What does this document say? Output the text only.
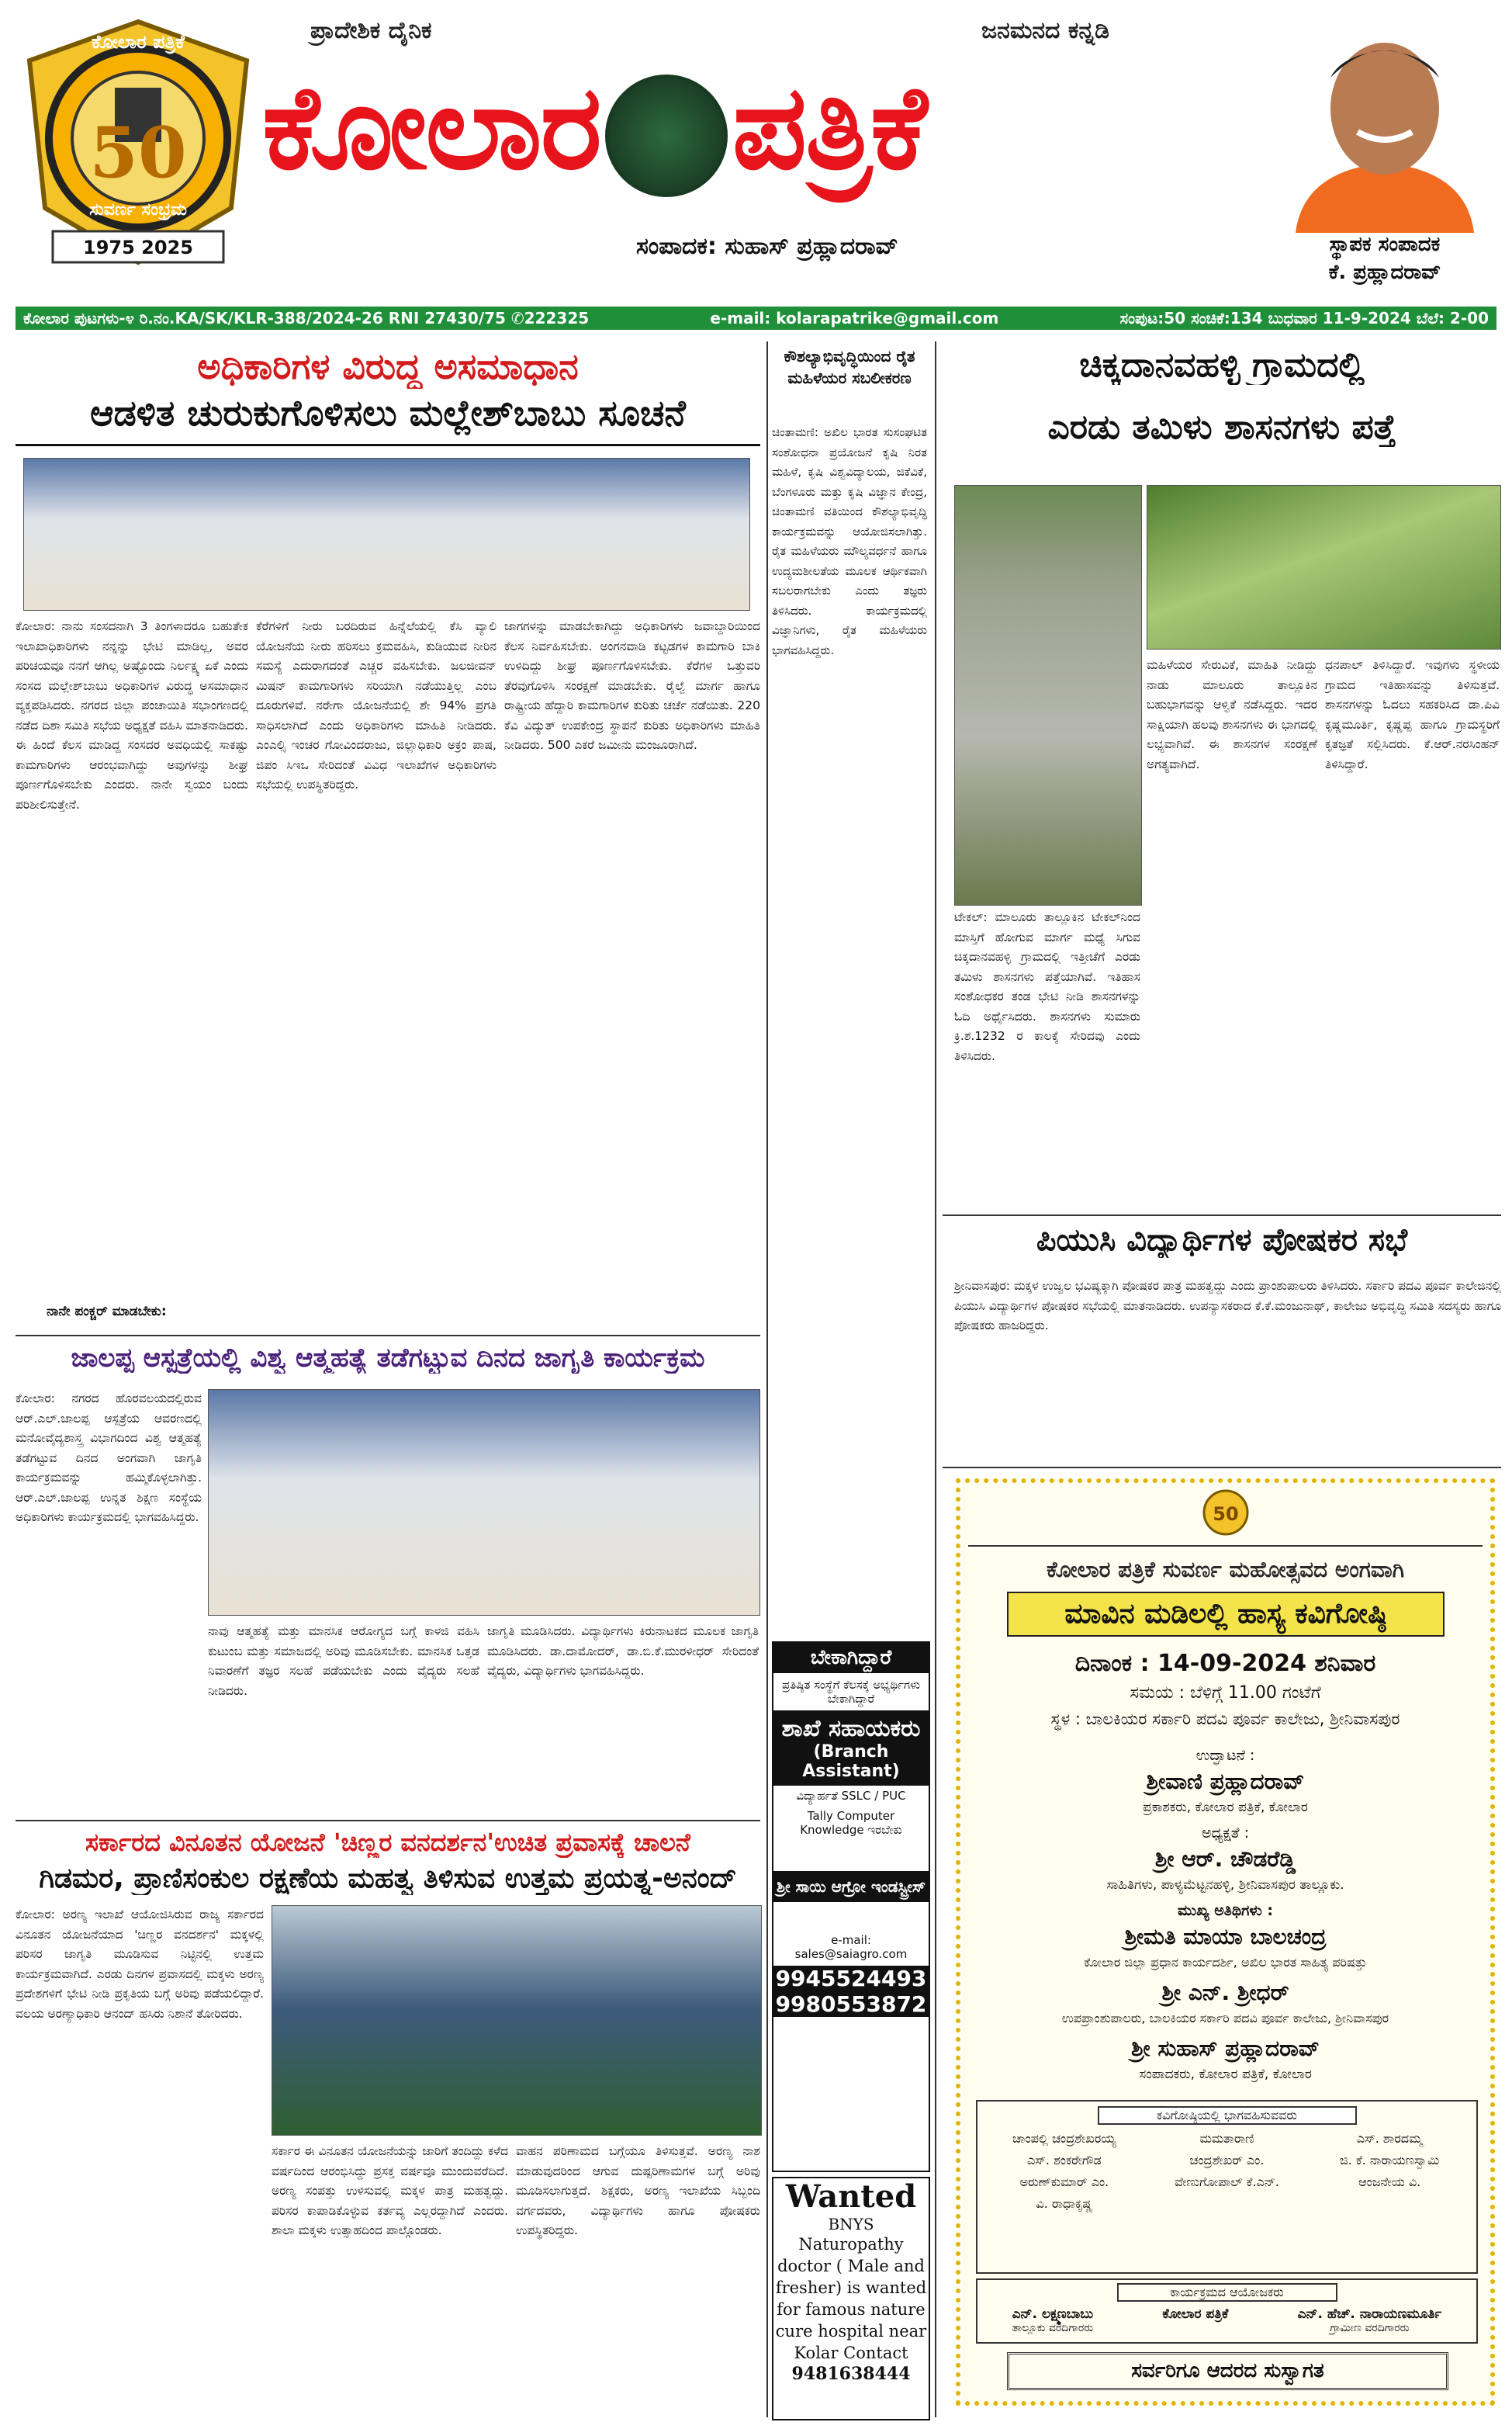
50
ಕೋಲಾರ ಪತ್ರಿಕೆ
ಸುವರ್ಣ ಸಂಭ್ರಮ
1975 2025
ಪ್ರಾದೇಶಿಕ ದೈನಿಕ	ಜನಮನದ ಕನ್ನಡಿ
ಕೋಲಾರ ಪತ್ರಿಕೆ
ಸಂಪಾದಕ: ಸುಹಾಸ್ ಪ್ರಹ್ಲಾದರಾವ್	ಸ್ಥಾಪಕ ಸಂಪಾದಕ
ಕೆ. ಪ್ರಹ್ಲಾದರಾವ್
ಕೋಲಾರ ಪುಟಗಳು-೪ ರಿ.ನಂ.KA/SK/KLR-388/2024-26 RNI 27430/75 ✆222325	e-mail: kolarapatrike@gmail.com	ಸಂಪುಟ:50 ಸಂಚಿಕೆ:134 ಬುಧವಾರ 11-9-2024 ಬೆಲೆ: 2-00
ಅಧಿಕಾರಿಗಳ ವಿರುದ್ಧ ಅಸಮಾಧಾನ
ಆಡಳಿತ ಚುರುಕುಗೊಳಿಸಲು ಮಲ್ಲೇಶ್‌ಬಾಬು ಸೂಚನೆ
ಕೋಲಾರ: ನಾನು ಸಂಸದನಾಗಿ 3 ತಿಂಗಳಾದರೂ ಬಹುತೇಕ ಇಲಾಖಾಧಿಕಾರಿಗಳು ನನ್ನನ್ನು ಭೇಟಿ ಮಾಡಿಲ್ಲ, ಅವರ ಪರಿಚಯವೂ ನನಗೆ ಆಗಿಲ್ಲ ಅಷ್ಟೊಂದು ನಿರ್ಲಕ್ಷ್ಯ ಏಕೆ ಎಂದು ಸಂಸದ ಮಲ್ಲೇಶ್‌ಬಾಬು ಅಧಿಕಾರಿಗಳ ವಿರುದ್ಧ ಅಸಮಾಧಾನ ವ್ಯಕ್ತಪಡಿಸಿದರು. ನಗರದ ಜಿಲ್ಲಾ ಪಂಚಾಯಿತಿ ಸಭಾಂಗಣದಲ್ಲಿ ನಡೆದ ದಿಶಾ ಸಮಿತಿ ಸಭೆಯ ಅಧ್ಯಕ್ಷತೆ ವಹಿಸಿ ಮಾತನಾಡಿದರು. ಈ ಹಿಂದೆ ಕೆಲಸ ಮಾಡಿದ್ದ ಸಂಸದರ ಅವಧಿಯಲ್ಲಿ ಸಾಕಷ್ಟು ಕಾಮಗಾರಿಗಳು ಆರಂಭವಾಗಿದ್ದು ಅವುಗಳನ್ನು ಶೀಘ್ರ ಪೂರ್ಣಗೊಳಿಸಬೇಕು ಎಂದರು. ನಾನೇ ಸ್ವಯಂ ಬಂದು ಪರಿಶೀಲಿಸುತ್ತೇನೆ.
ಕೆರೆಗಳಿಗೆ ನೀರು ಬರದಿರುವ ಹಿನ್ನೆಲೆಯಲ್ಲಿ ಕೆಸಿ ವ್ಯಾಲಿ ಯೋಜನೆಯ ನೀರು ಹರಿಸಲು ಕ್ರಮವಹಿಸಿ, ಕುಡಿಯುವ ನೀರಿನ ಸಮಸ್ಯೆ ಎದುರಾಗದಂತೆ ಎಚ್ಚರ ವಹಿಸಬೇಕು. ಜಲಜೀವನ್ ಮಿಷನ್ ಕಾಮಗಾರಿಗಳು ಸರಿಯಾಗಿ ನಡೆಯುತ್ತಿಲ್ಲ ಎಂಬ ದೂರುಗಳಿವೆ. ನರೇಗಾ ಯೋಜನೆಯಲ್ಲಿ ಶೇ 94% ಪ್ರಗತಿ ಸಾಧಿಸಲಾಗಿದೆ ಎಂದು ಅಧಿಕಾರಿಗಳು ಮಾಹಿತಿ ನೀಡಿದರು. ಎಂಎಲ್ಸಿ ಇಂಚರ ಗೋವಿಂದರಾಜು, ಜಿಲ್ಲಾಧಿಕಾರಿ ಅಕ್ರಂ ಪಾಷ, ಜಿಪಂ ಸಿಇಒ ಸೇರಿದಂತೆ ವಿವಿಧ ಇಲಾಖೆಗಳ ಅಧಿಕಾರಿಗಳು ಸಭೆಯಲ್ಲಿ ಉಪಸ್ಥಿತರಿದ್ದರು.
ಜಾಗಗಳನ್ನು ಮಾಡಬೇಕಾಗಿದ್ದು ಅಧಿಕಾರಿಗಳು ಜವಾಬ್ದಾರಿಯಿಂದ ಕೆಲಸ ನಿರ್ವಹಿಸಬೇಕು. ಅಂಗನವಾಡಿ ಕಟ್ಟಡಗಳ ಕಾಮಗಾರಿ ಬಾಕಿ ಉಳಿದಿದ್ದು ಶೀಘ್ರ ಪೂರ್ಣಗೊಳಿಸಬೇಕು. ಕೆರೆಗಳ ಒತ್ತುವರಿ ತೆರವುಗೊಳಿಸಿ ಸಂರಕ್ಷಣೆ ಮಾಡಬೇಕು. ರೈಲ್ವೆ ಮಾರ್ಗ ಹಾಗೂ ರಾಷ್ಟ್ರೀಯ ಹೆದ್ದಾರಿ ಕಾಮಗಾರಿಗಳ ಕುರಿತು ಚರ್ಚೆ ನಡೆಯಿತು. 220 ಕೆವಿ ವಿದ್ಯುತ್ ಉಪಕೇಂದ್ರ ಸ್ಥಾಪನೆ ಕುರಿತು ಅಧಿಕಾರಿಗಳು ಮಾಹಿತಿ ನೀಡಿದರು. 500 ಎಕರೆ ಜಮೀನು ಮಂಜೂರಾಗಿದೆ.
ನಾನೇ ಪಂಕ್ಚರ್ ಮಾಡಬೇಕು:
ಜಾಲಪ್ಪ ಆಸ್ಪತ್ರೆಯಲ್ಲಿ ವಿಶ್ವ ಆತ್ಮಹತ್ಯೆ ತಡೆಗಟ್ಟುವ ದಿನದ ಜಾಗೃತಿ ಕಾರ್ಯಕ್ರಮ
ಕೋಲಾರ: ನಗರದ ಹೊರವಲಯದಲ್ಲಿರುವ ಆರ್.ಎಲ್.ಜಾಲಪ್ಪ ಆಸ್ಪತ್ರೆಯ ಆವರಣದಲ್ಲಿ ಮನೋವೈದ್ಯಶಾಸ್ತ್ರ ವಿಭಾಗದಿಂದ ವಿಶ್ವ ಆತ್ಮಹತ್ಯೆ ತಡೆಗಟ್ಟುವ ದಿನದ ಅಂಗವಾಗಿ ಜಾಗೃತಿ ಕಾರ್ಯಕ್ರಮವನ್ನು ಹಮ್ಮಿಕೊಳ್ಳಲಾಗಿತ್ತು. ಆರ್.ಎಲ್.ಜಾಲಪ್ಪ ಉನ್ನತ ಶಿಕ್ಷಣ ಸಂಸ್ಥೆಯ ಅಧಿಕಾರಿಗಳು ಕಾರ್ಯಕ್ರಮದಲ್ಲಿ ಭಾಗವಹಿಸಿದ್ದರು.
ನಾವು ಆತ್ಮಹತ್ಯೆ ಮತ್ತು ಮಾನಸಿಕ ಆರೋಗ್ಯದ ಬಗ್ಗೆ ಕಾಳಜಿ ವಹಿಸಿ ಕುಟುಂಬ ಮತ್ತು ಸಮಾಜದಲ್ಲಿ ಅರಿವು ಮೂಡಿಸಬೇಕು. ಮಾನಸಿಕ ಒತ್ತಡ ನಿವಾರಣೆಗೆ ತಜ್ಞರ ಸಲಹೆ ಪಡೆಯಬೇಕು ಎಂದು ವೈದ್ಯರು ಸಲಹೆ ನೀಡಿದರು.
ಜಾಗೃತಿ ಮೂಡಿಸಿದರು. ವಿದ್ಯಾರ್ಥಿಗಳು ಕಿರುನಾಟಕದ ಮೂಲಕ ಜಾಗೃತಿ ಮೂಡಿಸಿದರು. ಡಾ.ದಾಮೋದರ್, ಡಾ.ಬಿ.ಕೆ.ಮುರಳೀಧರ್ ಸೇರಿದಂತೆ ವೈದ್ಯರು, ವಿದ್ಯಾರ್ಥಿಗಳು ಭಾಗವಹಿಸಿದ್ದರು.
ಸರ್ಕಾರದ ವಿನೂತನ ಯೋಜನೆ 'ಚಿಣ್ಣರ ವನದರ್ಶನ'ಉಚಿತ ಪ್ರವಾಸಕ್ಕೆ ಚಾಲನೆ
ಗಿಡಮರ, ಪ್ರಾಣಿಸಂಕುಲ ರಕ್ಷಣೆಯ ಮಹತ್ವ ತಿಳಿಸುವ ಉತ್ತಮ ಪ್ರಯತ್ನ-ಅನಂದ್
ಕೋಲಾರ: ಅರಣ್ಯ ಇಲಾಖೆ ಆಯೋಜಿಸಿರುವ ರಾಜ್ಯ ಸರ್ಕಾರದ ವಿನೂತನ ಯೋಜನೆಯಾದ 'ಚಿಣ್ಣರ ವನದರ್ಶನ' ಮಕ್ಕಳಲ್ಲಿ ಪರಿಸರ ಜಾಗೃತಿ ಮೂಡಿಸುವ ನಿಟ್ಟಿನಲ್ಲಿ ಉತ್ತಮ ಕಾರ್ಯಕ್ರಮವಾಗಿದೆ. ಎರಡು ದಿನಗಳ ಪ್ರವಾಸದಲ್ಲಿ ಮಕ್ಕಳು ಅರಣ್ಯ ಪ್ರದೇಶಗಳಿಗೆ ಭೇಟಿ ನೀಡಿ ಪ್ರಕೃತಿಯ ಬಗ್ಗೆ ಅರಿವು ಪಡೆಯಲಿದ್ದಾರೆ. ವಲಯ ಅರಣ್ಯಾಧಿಕಾರಿ ಆನಂದ್ ಹಸಿರು ನಿಶಾನೆ ತೋರಿದರು.
ಸರ್ಕಾರ ಈ ವಿನೂತನ ಯೋಜನೆಯನ್ನು ಜಾರಿಗೆ ತಂದಿದ್ದು ಕಳೆದ ವರ್ಷದಿಂದ ಆರಂಭಿಸಿದ್ದು ಪ್ರಸಕ್ತ ವರ್ಷವೂ ಮುಂದುವರೆದಿದೆ. ಅರಣ್ಯ ಸಂಪತ್ತು ಉಳಿಸುವಲ್ಲಿ ಮಕ್ಕಳ ಪಾತ್ರ ಮಹತ್ವದ್ದು. ಪರಿಸರ ಕಾಪಾಡಿಕೊಳ್ಳುವ ಕರ್ತವ್ಯ ಎಲ್ಲರದ್ದಾಗಿದೆ ಎಂದರು. ಶಾಲಾ ಮಕ್ಕಳು ಉತ್ಸಾಹದಿಂದ ಪಾಲ್ಗೊಂಡರು.
ವಾಹನ ಪರಿಣಾಮದ ಬಗ್ಗೆಯೂ ತಿಳಿಸುತ್ತವೆ. ಅರಣ್ಯ ನಾಶ ಮಾಡುವುದರಿಂದ ಆಗುವ ದುಷ್ಪರಿಣಾಮಗಳ ಬಗ್ಗೆ ಅರಿವು ಮೂಡಿಸಲಾಗುತ್ತದೆ. ಶಿಕ್ಷಕರು, ಅರಣ್ಯ ಇಲಾಖೆಯ ಸಿಬ್ಬಂದಿ ವರ್ಗದವರು, ವಿದ್ಯಾರ್ಥಿಗಳು ಹಾಗೂ ಪೋಷಕರು ಉಪಸ್ಥಿತರಿದ್ದರು.
ಕೌಶಲ್ಯಾಭಿವೃದ್ಧಿಯಿಂದ ರೈತ ಮಹಿಳೆಯರ ಸಬಲೀಕರಣ
ಚಿಂತಾಮಣಿ: ಅಖಿಲ ಭಾರತ ಸುಸಂಘಟಿತ ಸಂಶೋಧನಾ ಪ್ರಯೋಜನೆ ಕೃಷಿ ನಿರತ ಮಹಿಳೆ, ಕೃಷಿ ವಿಶ್ವವಿದ್ಯಾಲಯ, ಜಿಕೆವಿಕೆ, ಬೆಂಗಳೂರು ಮತ್ತು ಕೃಷಿ ವಿಜ್ಞಾನ ಕೇಂದ್ರ, ಚಿಂತಾಮಣಿ ವತಿಯಿಂದ ಕೌಶಲ್ಯಾಭಿವೃದ್ಧಿ ಕಾರ್ಯಕ್ರಮವನ್ನು ಆಯೋಜಿಸಲಾಗಿತ್ತು. ರೈತ ಮಹಿಳೆಯರು ಮೌಲ್ಯವರ್ಧನೆ ಹಾಗೂ ಉದ್ಯಮಶೀಲತೆಯ ಮೂಲಕ ಆರ್ಥಿಕವಾಗಿ ಸಬಲರಾಗಬೇಕು ಎಂದು ತಜ್ಞರು ತಿಳಿಸಿದರು. ಕಾರ್ಯಕ್ರಮದಲ್ಲಿ ವಿಜ್ಞಾನಿಗಳು, ರೈತ ಮಹಿಳೆಯರು ಭಾಗವಹಿಸಿದ್ದರು.
ಬೇಕಾಗಿದ್ದಾರೆ
ಪ್ರತಿಷ್ಠಿತ ಸಂಸ್ಥೆಗೆ ಕೆಲಸಕ್ಕೆ ಅಭ್ಯರ್ಥಿಗಳು ಬೇಕಾಗಿದ್ದಾರೆ
ಶಾಖೆ ಸಹಾಯಕರು
(Branch Assistant)
ವಿದ್ಯಾರ್ಹತೆ SSLC / PUC
Tally Computer Knowledge ಇರಬೇಕು
ಶ್ರೀ ಸಾಯಿ ಆಗ್ರೋ ಇಂಡಸ್ಟ್ರೀಸ್
e-mail: sales@saiagro.com
9945524493
9980553872
Wanted
BNYS
Naturopathy doctor ( Male and fresher) is wanted for famous nature cure hospital near Kolar Contact
9481638444
ಚಿಕ್ಕದಾನವಹಳ್ಳಿ ಗ್ರಾಮದಲ್ಲಿ
ಎರಡು ತಮಿಳು ಶಾಸನಗಳು ಪತ್ತೆ
ಟೇಕಲ್: ಮಾಲೂರು ತಾಲ್ಲೂಕಿನ ಟೇಕಲ್‌ನಿಂದ ಮಾಸ್ತಿಗೆ ಹೋಗುವ ಮಾರ್ಗ ಮಧ್ಯೆ ಸಿಗುವ ಚಿಕ್ಕದಾನವಹಳ್ಳಿ ಗ್ರಾಮದಲ್ಲಿ ಇತ್ತೀಚೆಗೆ ಎರಡು ತಮಿಳು ಶಾಸನಗಳು ಪತ್ತೆಯಾಗಿವೆ. ಇತಿಹಾಸ ಸಂಶೋಧಕರ ತಂಡ ಭೇಟಿ ನೀಡಿ ಶಾಸನಗಳನ್ನು ಓದಿ ಅರ್ಥೈಸಿದರು. ಶಾಸನಗಳು ಸುಮಾರು ಕ್ರಿ.ಶ.1232 ರ ಕಾಲಕ್ಕೆ ಸೇರಿದವು ಎಂದು ತಿಳಿಸಿದರು.
ಮಹಿಳೆಯರ ಸೇರುವಿಕೆ, ಮಾಹಿತಿ ನೀಡಿದ್ದು ನಾಡು ಮಾಲೂರು ತಾಲ್ಲೂಕಿನ ಬಹುಭಾಗವನ್ನು ಆಳ್ವಿಕೆ ನಡೆಸಿದ್ದರು. ಇದರ ಸಾಕ್ಷಿಯಾಗಿ ಹಲವು ಶಾಸನಗಳು ಈ ಭಾಗದಲ್ಲಿ ಲಭ್ಯವಾಗಿವೆ. ಈ ಶಾಸನಗಳ ಸಂರಕ್ಷಣೆ ಅಗತ್ಯವಾಗಿದೆ.
ಧನಪಾಲ್ ತಿಳಿಸಿದ್ದಾರೆ. ಇವುಗಳು ಸ್ಥಳೀಯ ಗ್ರಾಮದ ಇತಿಹಾಸವನ್ನು ತಿಳಿಸುತ್ತವೆ. ಶಾಸನಗಳನ್ನು ಓದಲು ಸಹಕರಿಸಿದ ಡಾ.ಪಿವಿ ಕೃಷ್ಣಮೂರ್ತಿ, ಕೃಷ್ಣಪ್ಪ ಹಾಗೂ ಗ್ರಾಮಸ್ಥರಿಗೆ ಕೃತಜ್ಞತೆ ಸಲ್ಲಿಸಿದರು. ಕೆ.ಆರ್.ನರಸಿಂಹನ್ ತಿಳಿಸಿದ್ದಾರೆ.
ಪಿಯುಸಿ ವಿದ್ಯಾರ್ಥಿಗಳ ಪೋಷಕರ ಸಭೆ
ಶ್ರೀನಿವಾಸಪುರ: ಮಕ್ಕಳ ಉಜ್ವಲ ಭವಿಷ್ಯಕ್ಕಾಗಿ ಪೋಷಕರ ಪಾತ್ರ ಮಹತ್ವದ್ದು ಎಂದು ಪ್ರಾಂಶುಪಾಲರು ತಿಳಿಸಿದರು. ಸರ್ಕಾರಿ ಪದವಿ ಪೂರ್ವ ಕಾಲೇಜಿನಲ್ಲಿ ಪಿಯುಸಿ ವಿದ್ಯಾರ್ಥಿಗಳ ಪೋಷಕರ ಸಭೆಯಲ್ಲಿ ಮಾತನಾಡಿದರು. ಉಪನ್ಯಾಸಕರಾದ ಕೆ.ಕೆ.ಮಂಜುನಾಥ್, ಕಾಲೇಜು ಅಭಿವೃದ್ಧಿ ಸಮಿತಿ ಸದಸ್ಯರು ಹಾಗೂ ಪೋಷಕರು ಹಾಜರಿದ್ದರು.
50
ಕೋಲಾರ ಪತ್ರಿಕೆ ಸುವರ್ಣ ಮಹೋತ್ಸವದ ಅಂಗವಾಗಿ
ಮಾವಿನ ಮಡಿಲಲ್ಲಿ ಹಾಸ್ಯ ಕವಿಗೋಷ್ಠಿ
ದಿನಾಂಕ : 14-09-2024 ಶನಿವಾರ
ಸಮಯ : ಬೆಳಿಗ್ಗೆ 11.00 ಗಂಟೆಗೆ
ಸ್ಥಳ : ಬಾಲಕಿಯರ ಸರ್ಕಾರಿ ಪದವಿ ಪೂರ್ವ ಕಾಲೇಜು, ಶ್ರೀನಿವಾಸಪುರ
ಉದ್ಘಾಟನೆ :
ಶ್ರೀವಾಣಿ ಪ್ರಹ್ಲಾದರಾವ್
ಪ್ರಕಾಶಕರು, ಕೋಲಾರ ಪತ್ರಿಕೆ, ಕೋಲಾರ
ಅಧ್ಯಕ್ಷತೆ :
ಶ್ರೀ ಆರ್. ಚೌಡರೆಡ್ಡಿ
ಸಾಹಿತಿಗಳು, ಪಾಳ್ಯಮೆಟ್ಟನಹಳ್ಳಿ, ಶ್ರೀನಿವಾಸಪುರ ತಾಲ್ಲೂಕು.
ಮುಖ್ಯ ಅತಿಥಿಗಳು :
ಶ್ರೀಮತಿ ಮಾಯಾ ಬಾಲಚಂದ್ರ
ಕೋಲಾರ ಜಿಲ್ಲಾ ಪ್ರಧಾನ ಕಾರ್ಯದರ್ಶಿ, ಅಖಿಲ ಭಾರತ ಸಾಹಿತ್ಯ ಪರಿಷತ್ತು
ಶ್ರೀ ಎನ್. ಶ್ರೀಧರ್
ಉಪಪ್ರಾಂಶುಪಾಲರು, ಬಾಲಕಿಯರ ಸರ್ಕಾರಿ ಪದವಿ ಪೂರ್ವ ಕಾಲೇಜು, ಶ್ರೀನಿವಾಸಪುರ
ಶ್ರೀ ಸುಹಾಸ್ ಪ್ರಹ್ಲಾದರಾವ್
ಸಂಪಾದಕರು, ಕೋಲಾರ ಪತ್ರಿಕೆ, ಕೋಲಾರ
ಕವಿಗೋಷ್ಠಿಯಲ್ಲಿ ಭಾಗವಹಿಸುವವರು
ಚಾಂಪಲ್ಲಿ ಚಂದ್ರಶೇಖರಯ್ಯ	ಮಮತಾರಾಣಿ	ಎಸ್. ಶಾರದಮ್ಮ
ಎಸ್. ಶಂಕರೇಗೌಡ	ಚಂದ್ರಶೇಖರ್ ಎಂ.	ಜಿ. ಕೆ. ನಾರಾಯಣಸ್ವಾಮಿ
ಅರುಣ್‌ಕುಮಾರ್ ಎಂ.	ವೇಣುಗೋಪಾಲ್ ಕೆ.ಎನ್.	ಆಂಜನೇಯ ವಿ.
ವಿ. ರಾಧಾಕೃಷ್ಣ
ಕಾರ್ಯಕ್ರಮದ ಆಯೋಜಕರು
ಎನ್. ಲಕ್ಷ್ಮಣಬಾಬು
ತಾಲ್ಲೂಕು ವರದಿಗಾರರು
ಕೋಲಾರ ಪತ್ರಿಕೆ	ಎನ್. ಹೆಚ್. ನಾರಾಯಣಮೂರ್ತಿ
ಗ್ರಾಮೀಣ ವರದಿಗಾರರು
ಸರ್ವರಿಗೂ ಆದರದ ಸುಸ್ವಾಗತ
